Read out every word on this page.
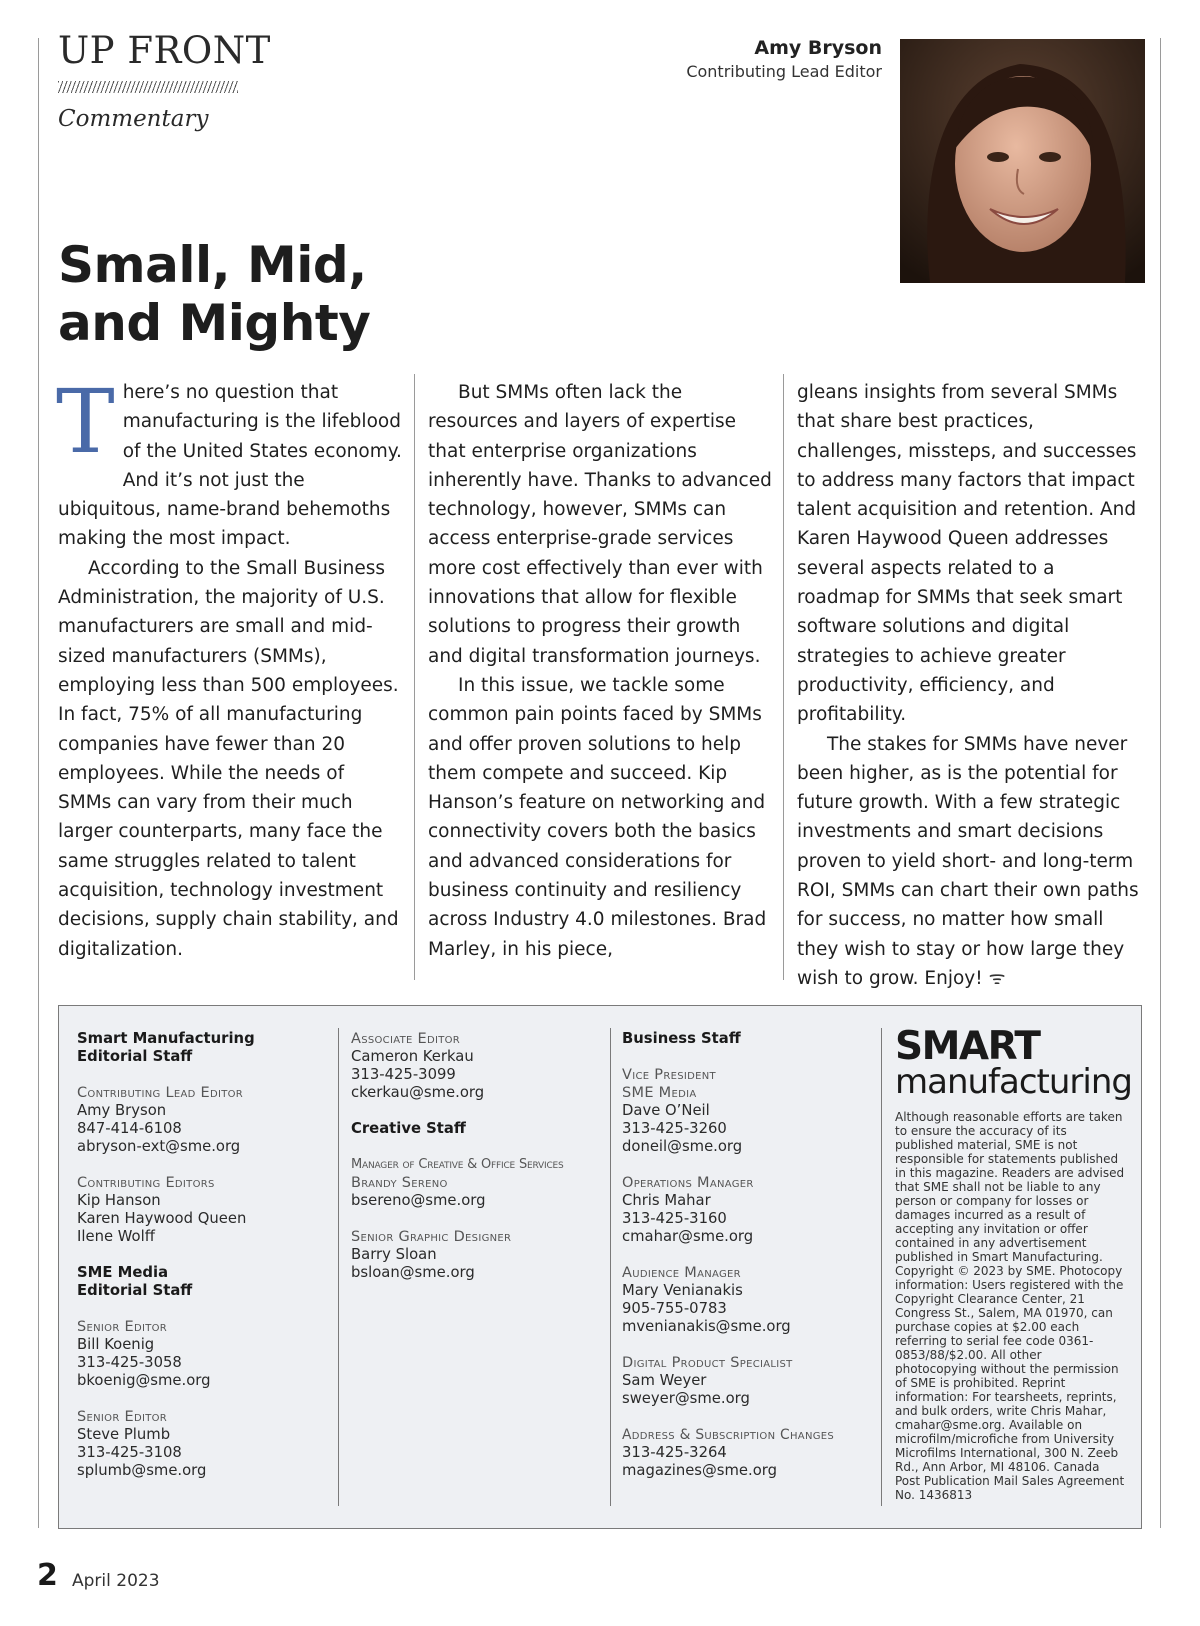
UP FRONT
Commentary
Amy Bryson
Contributing Lead Editor
Small, Mid,
and Mighty

There’s no question that manufacturing is the lifeblood of the United States economy. And it’s not just the ubiquitous, name-brand behemoths making the most impact.

According to the Small Business Administration, the majority of U.S. manufacturers are small and mid-sized manufacturers (SMMs), employing less than 500 employees. In fact, 75% of all manufacturing companies have fewer than 20 employees. While the needs of SMMs can vary from their much larger counterparts, many face the same struggles related to talent acquisition, technology investment decisions, supply chain stability, and digitalization.

But SMMs often lack the resources and layers of expertise that enterprise organizations inherently have. Thanks to advanced technology, however, SMMs can access enterprise-grade services more cost effectively than ever with innovations that allow for flexible solutions to progress their growth and digital transformation journeys.

In this issue, we tackle some common pain points faced by SMMs and offer proven solutions to help them compete and succeed. Kip Hanson’s feature on networking and connectivity covers both the basics and advanced considerations for business continuity and resiliency across Industry 4.0 milestones. Brad Marley, in his piece,

gleans insights from several SMMs that share best practices, challenges, missteps, and successes to address many factors that impact talent acquisition and retention. And Karen Haywood Queen addresses several aspects related to a roadmap for SMMs that seek smart software solutions and digital strategies to achieve greater productivity, efficiency, and profitability.

The stakes for SMMs have never been higher, as is the potential for future growth. With a few strategic investments and smart decisions proven to yield short- and long-term ROI, SMMs can chart their own paths for success, no matter how small they wish to stay or how large they wish to grow. Enjoy! ᯤ

Smart Manufacturing
Editorial Staff
Contributing Lead Editor
Amy Bryson
847-414-6108
abryson-ext@sme.org
Contributing Editors
Kip Hanson
Karen Haywood Queen
Ilene Wolff
SME Media
Editorial Staff
Senior Editor
Bill Koenig
313-425-3058
bkoenig@sme.org
Senior Editor
Steve Plumb
313-425-3108
splumb@sme.org
Associate Editor
Cameron Kerkau
313-425-3099
ckerkau@sme.org
Creative Staff
Manager of Creative & Office Services
Brandy Sereno
bsereno@sme.org
Senior Graphic Designer
Barry Sloan
bsloan@sme.org
Business Staff
Vice President
SME Media
Dave O’Neil
313-425-3260
doneil@sme.org
Operations Manager
Chris Mahar
313-425-3160
cmahar@sme.org
Audience Manager
Mary Venianakis
905-755-0783
mvenianakis@sme.org
Digital Product Specialist
Sam Weyer
sweyer@sme.org
Address & Subscription Changes
313-425-3264
magazines@sme.org
SMART
manufacturing
Although reasonable efforts are taken to ensure the accuracy of its published material, SME is not responsible for statements published in this magazine. Readers are advised that SME shall not be liable to any person or company for losses or damages incurred as a result of accepting any invitation or offer contained in any advertisement published in Smart Manufacturing. Copyright © 2023 by SME. Photocopy information: Users registered with the Copyright Clearance Center, 21 Congress St., Salem, MA 01970, can purchase copies at $2.00 each referring to serial fee code 0361-0853/88/$2.00. All other photocopying without the permission of SME is prohibited. Reprint information: For tearsheets, reprints, and bulk orders, write Chris Mahar, cmahar@sme.org. Available on microfilm/microfiche from University Microfilms International, 300 N. Zeeb Rd., Ann Arbor, MI 48106. Canada Post Publication Mail Sales Agreement No. 1436813
2 April 2023
